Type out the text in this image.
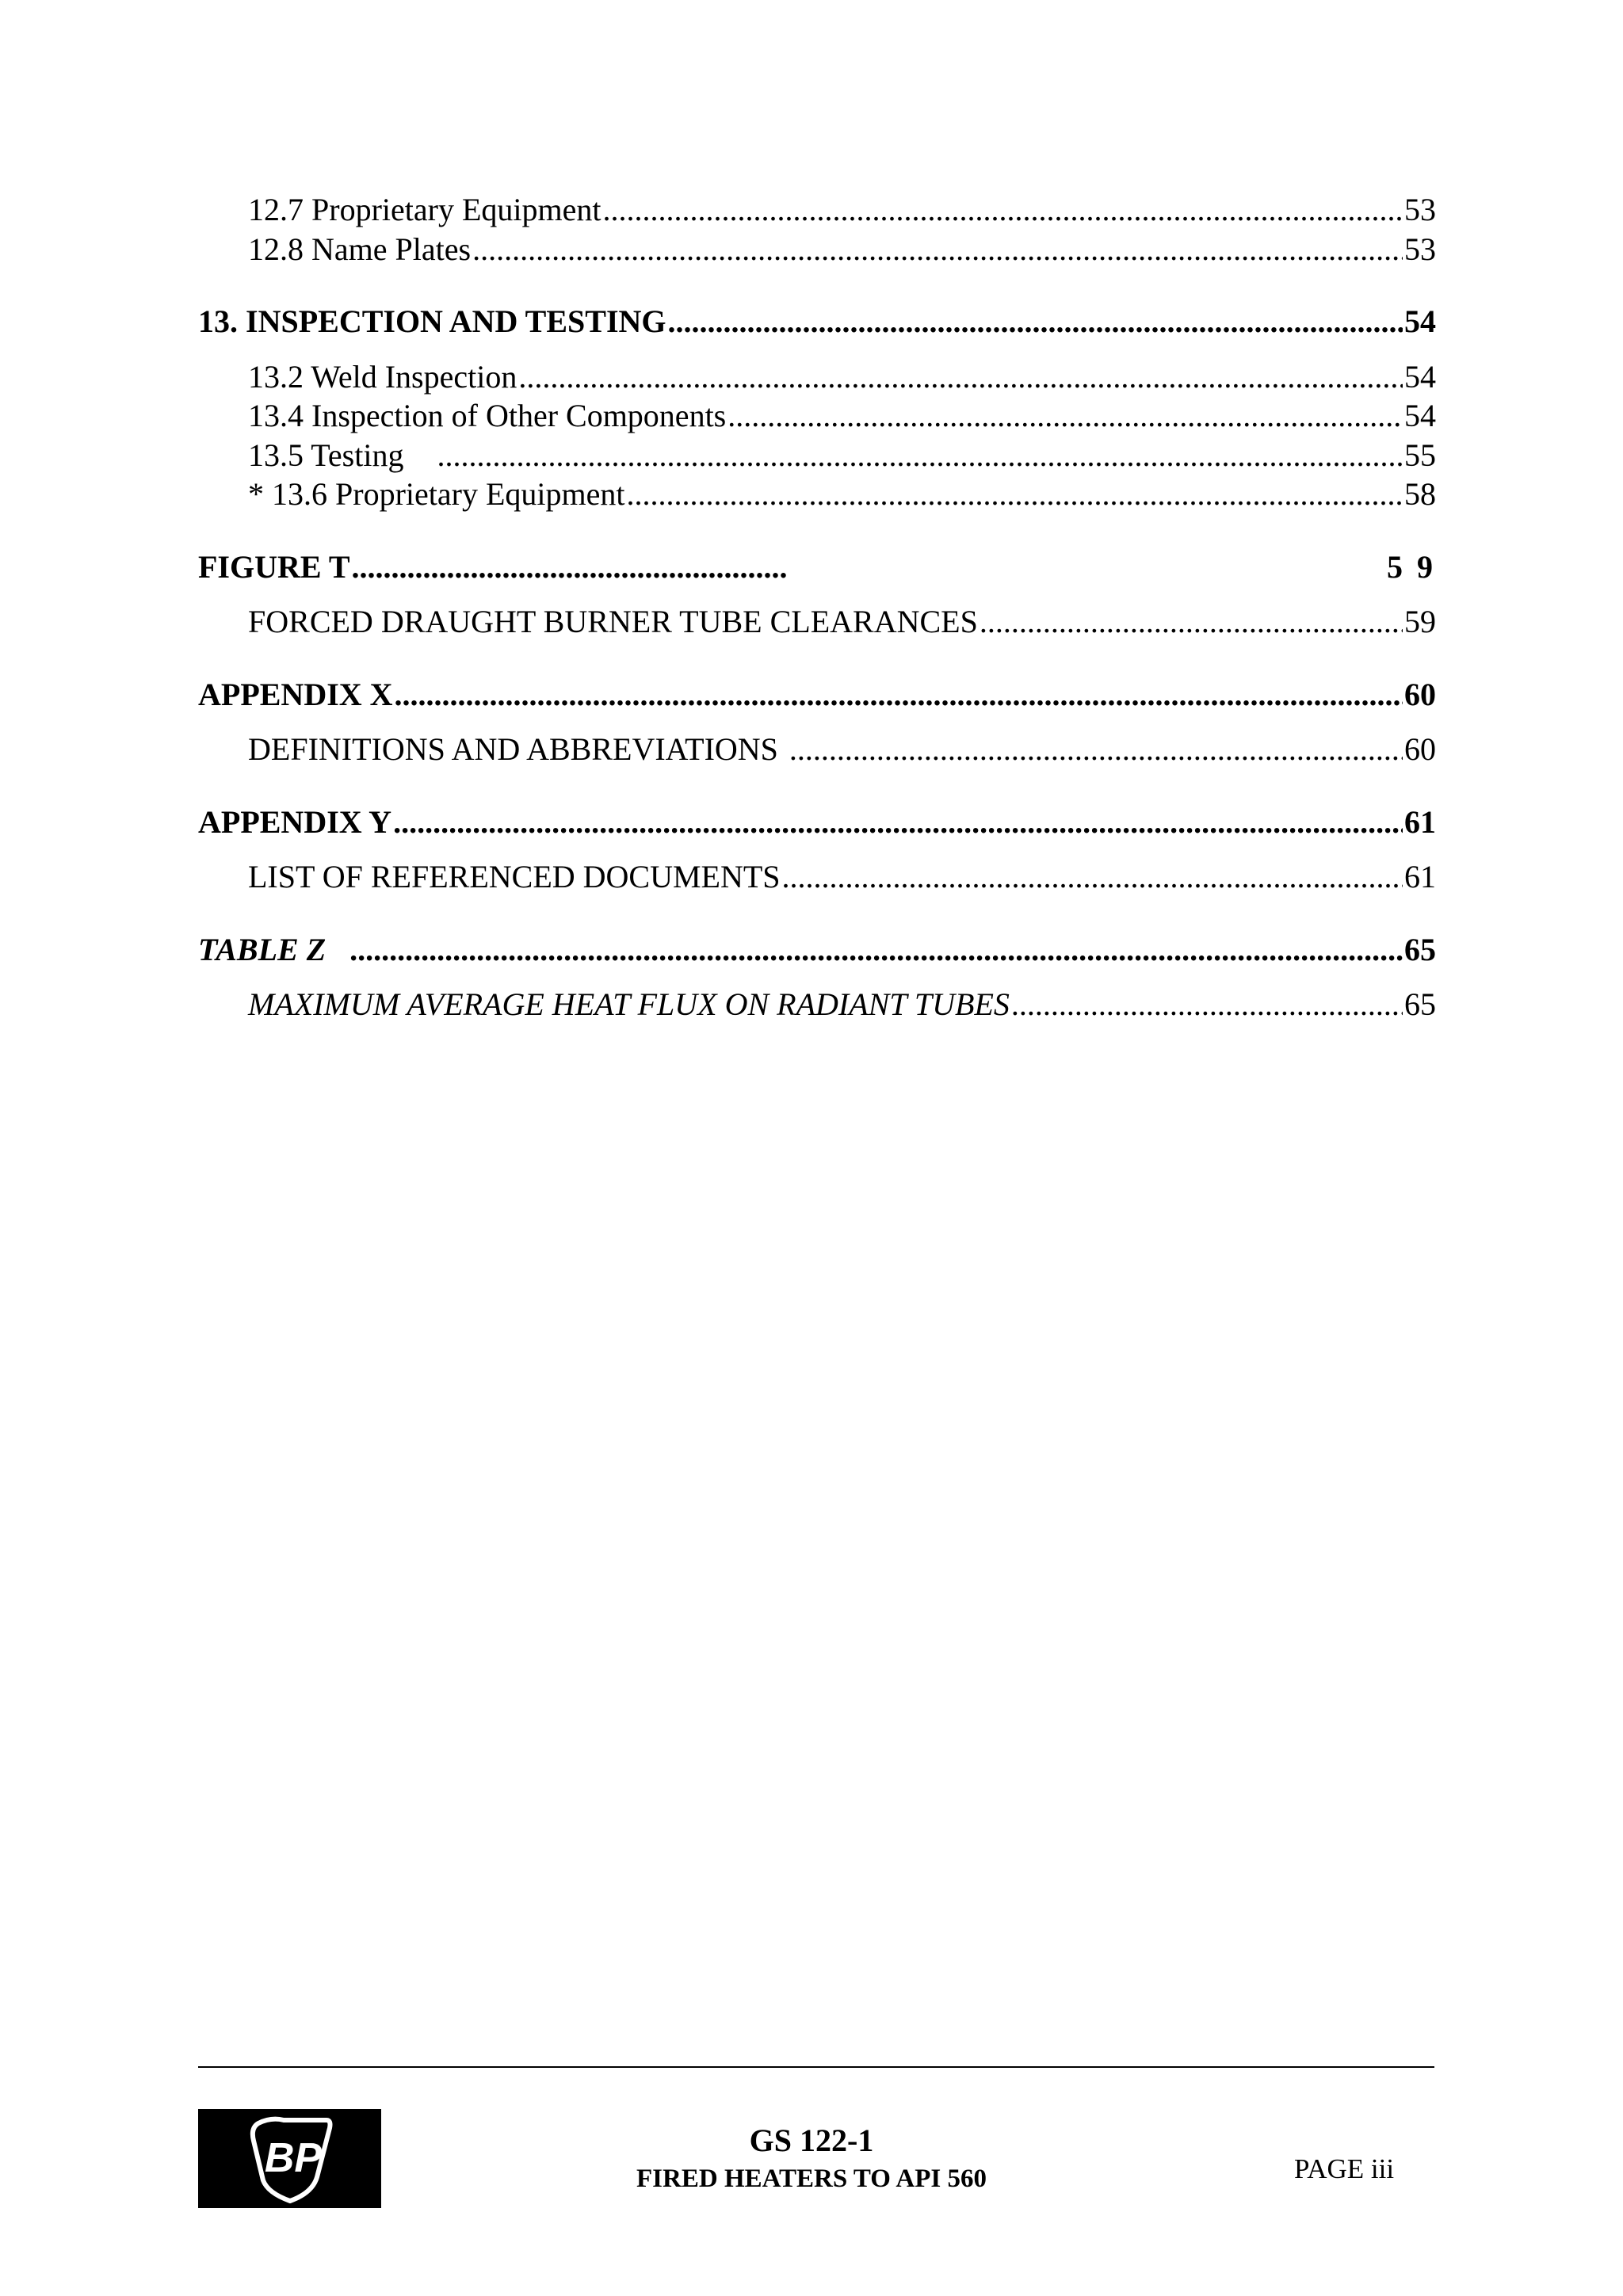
12.7 Proprietary Equipment .....	53
12.8 Name Plates .....	53
13. INSPECTION AND TESTING .....	54
13.2 Weld Inspection .....	54
13.4 Inspection of Other Components .....	54
13.5 Testing .....	55
* 13.6 Proprietary Equipment .....	58
FIGURE T .....	5 9
FORCED DRAUGHT BURNER TUBE CLEARANCES .....	59
APPENDIX X .....	60
DEFINITIONS AND ABBREVIATIONS .....	60
APPENDIX Y .....	61
LIST OF REFERENCED DOCUMENTS .....	61
TABLE Z .....	65
MAXIMUM AVERAGE HEAT FLUX ON RADIANT TUBES .....	65
BP	GS 122-1
FIRED HEATERS TO API 560	PAGE iii
